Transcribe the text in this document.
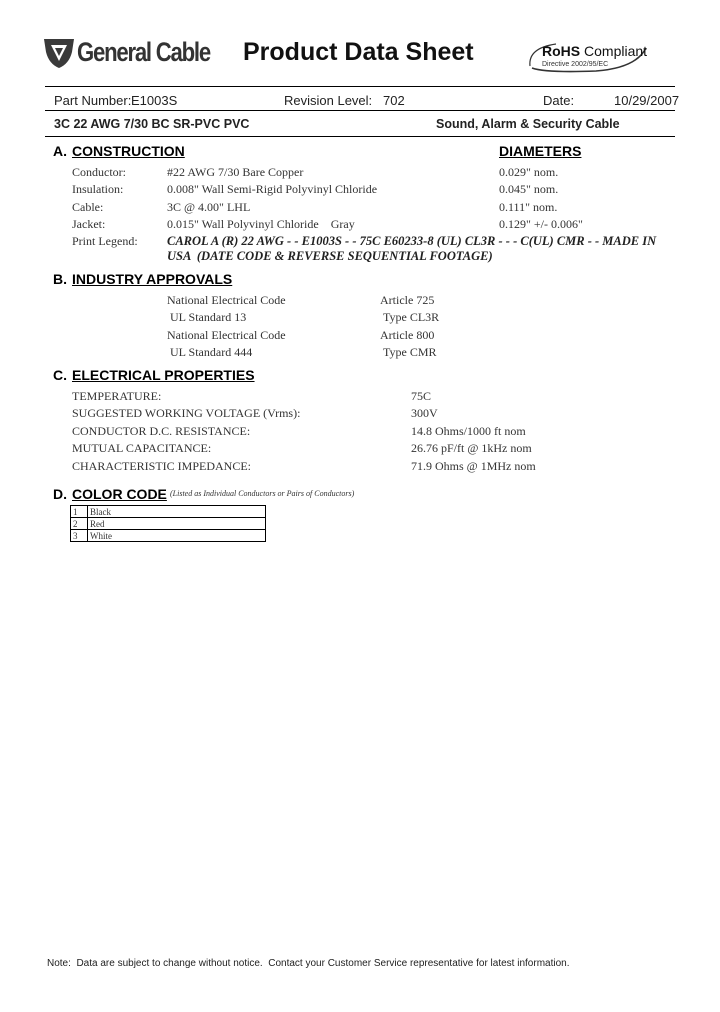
General Cable Product Data Sheet	RoHS Compliant
Directive 2002/95/EC
Part Number: E1003S	Revision Level: 702	Date:	10/29/2007
3C 22 AWG 7/30 BC SR-PVC PVC	Sound, Alarm & Security Cable
A. CONSTRUCTION	DIAMETERS
Conductor:	#22 AWG 7/30 Bare Copper	0.029" nom.
Insulation:	0.008" Wall Semi-Rigid Polyvinyl Chloride	0.045" nom.
Cable:	3C @ 4.00" LHL	0.111" nom.
Jacket:	0.015" Wall Polyvinyl Chloride    Gray	0.129" +/- 0.006"
Print Legend: CAROL A (R) 22 AWG - - E1003S - - 75C E60233-8 (UL) CL3R - - - C(UL) CMR - - MADE IN
USA  (DATE CODE & REVERSE SEQUENTIAL FOOTAGE)
B. INDUSTRY APPROVALS
National Electrical Code	Article 725
UL Standard 13	Type CL3R
National Electrical Code	Article 800
UL Standard 444	Type CMR
C. ELECTRICAL PROPERTIES
TEMPERATURE:	75C
SUGGESTED WORKING VOLTAGE (Vrms):	300V
CONDUCTOR D.C. RESISTANCE:	14.8 Ohms/1000 ft nom
MUTUAL CAPACITANCE:	26.76 pF/ft @ 1kHz nom
CHARACTERISTIC IMPEDANCE:	71.9 Ohms @ 1MHz nom
D. COLOR CODE (Listed as Individual Conductors or Pairs of Conductors)
1	Black
2	Red
3	White
Note:  Data are subject to change without notice.  Contact your Customer Service representative for latest information.
